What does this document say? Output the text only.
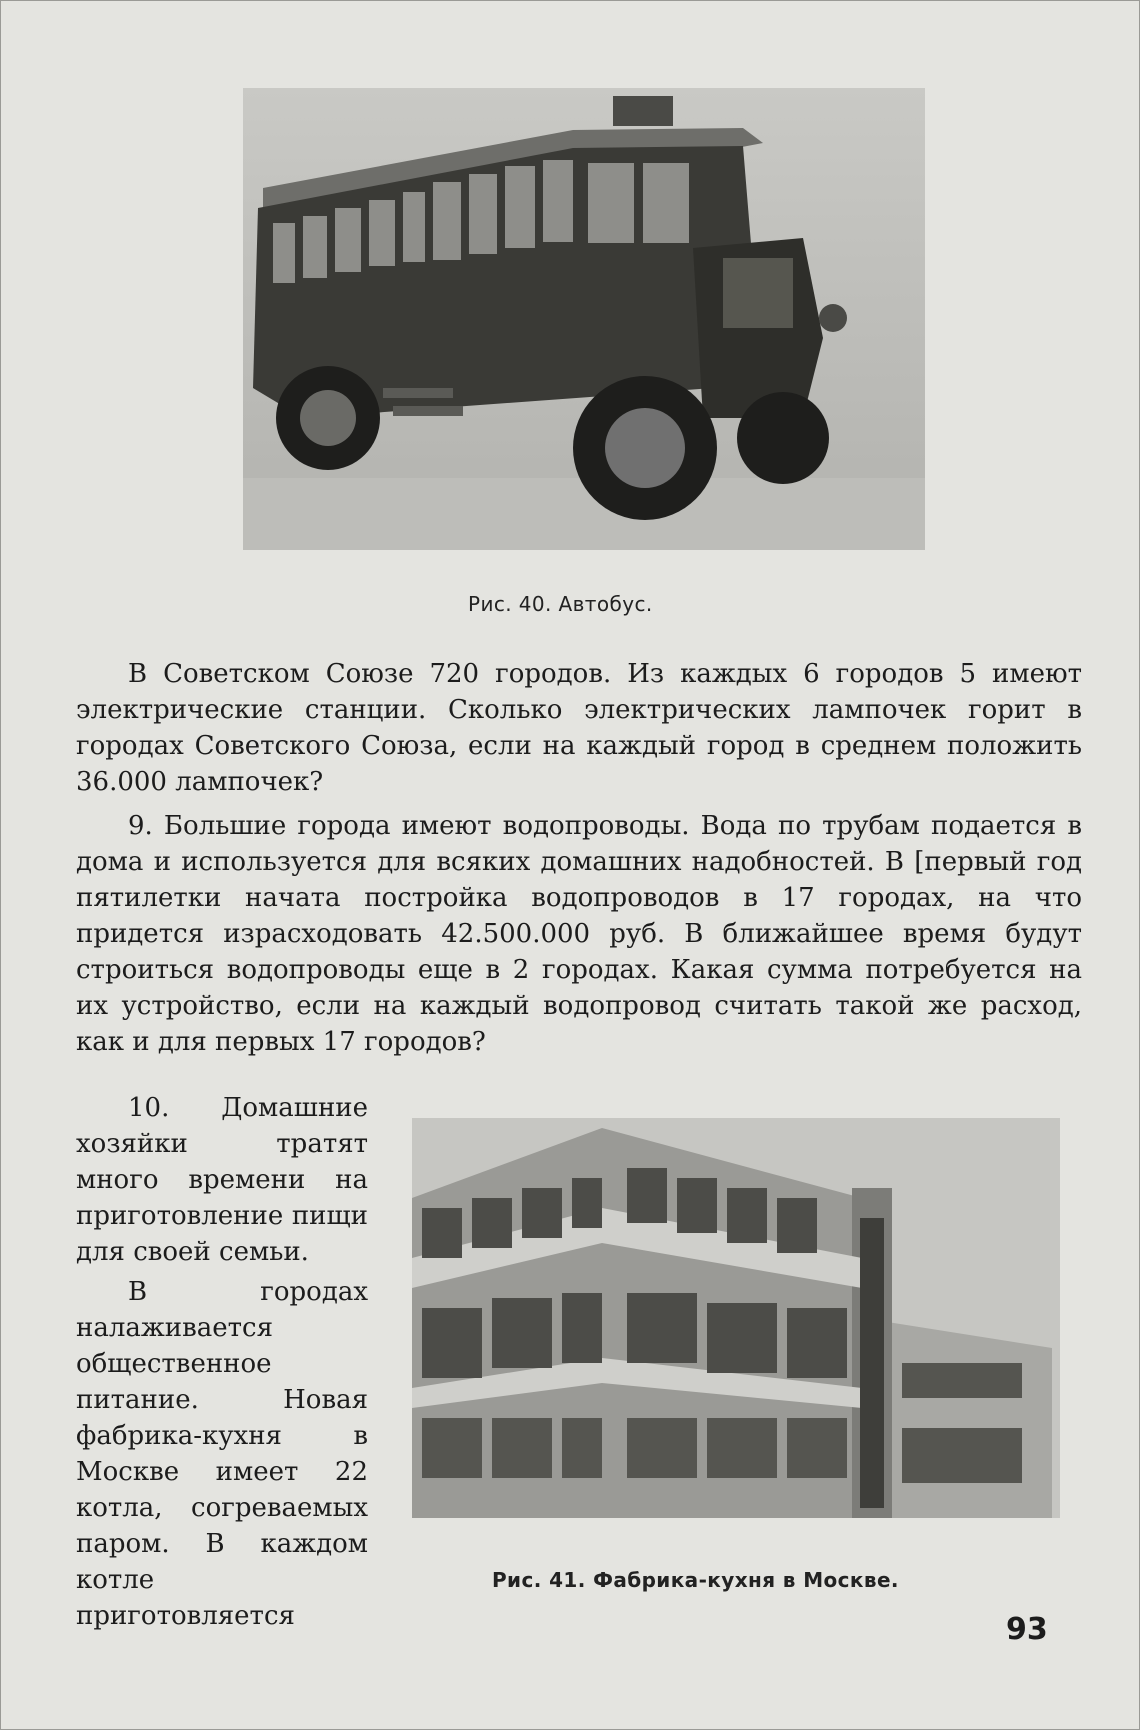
Рис. 40. Автобус.

В Советском Союзе 720 городов. Из каждых 6 городов 5 имеют электрические станции. Сколько электрических лампочек горит в городах Советского Союза, если на каждый город в среднем положить 36.000 лампочек?

9. Большие города имеют водопроводы. Вода по трубам подается в дома и используется для всяких домашних надобностей. В [первый год пятилетки начата постройка водопроводов в 17 городах, на что придется израсходовать 42.500.000 руб. В ближайшее время будут строиться водопроводы еще в 2 городах. Какая сумма потребуется на их устройство, если на каждый водопровод считать такой же расход, как и для первых 17 городов?

10. Домашние хозяйки тратят много времени на приготовление пищи для своей семьи.

В городах налаживается общественное питание. Новая фабрика-кухня в Москве имеет 22 котла, согреваемых паром. В каждом котле приготовляется

Рис. 41. Фабрика-кухня в Москве.
93
